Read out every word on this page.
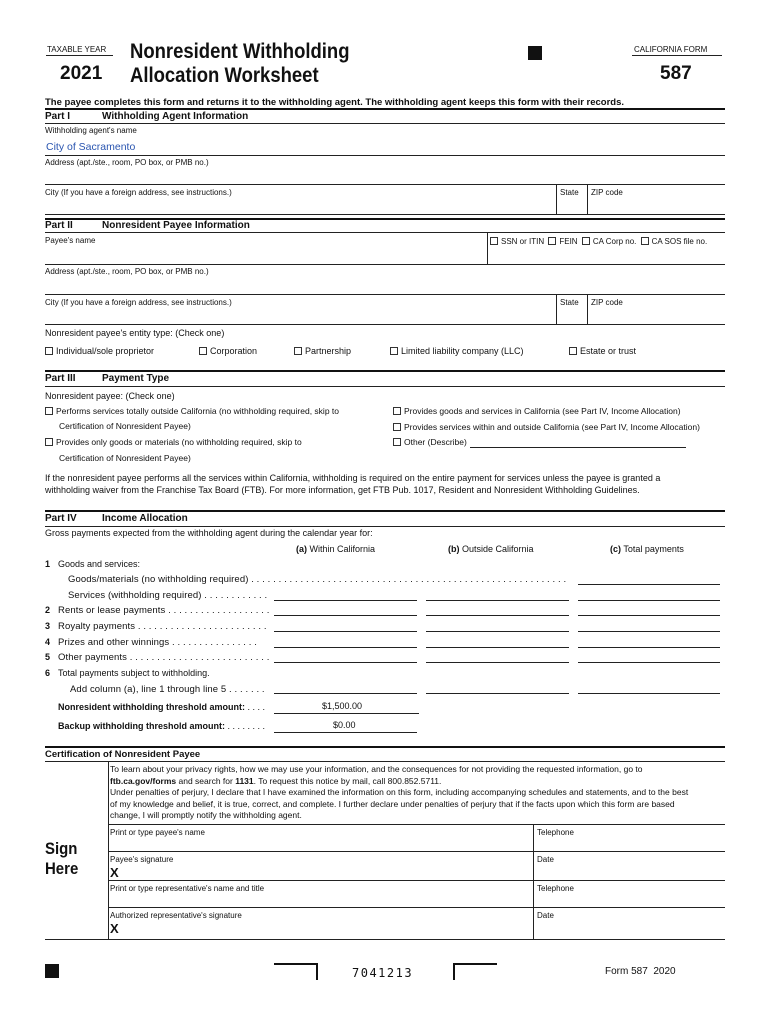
TAXABLE YEAR
2021
Nonresident Withholding
Allocation Worksheet
CALIFORNIA FORM
587
The payee completes this form and returns it to the withholding agent. The withholding agent keeps this form with their records.
Part I	Withholding Agent Information
Withholding agent's name
City of Sacramento
Address (apt./ste., room, PO box, or PMB no.)
City (If you have a foreign address, see instructions.)	State ZIP code
Part II	Nonresident Payee Information
Payee's name	SSN or ITIN FEIN CA Corp no. CA SOS file no.
Address (apt./ste., room, PO box, or PMB no.)
City (If you have a foreign address, see instructions.)	State ZIP code
Nonresident payee's entity type: (Check one)
Individual/sole proprietor	Corporation	Partnership	Limited liability company (LLC)	Estate or trust
Part III	Payment Type
Nonresident payee: (Check one)
Performs services totally outside California (no withholding required, skip to
Certification of Nonresident Payee)
Provides only goods or materials (no withholding required, skip to
Certification of Nonresident Payee)
Provides goods and services in California (see Part IV, Income Allocation)
Provides services within and outside California (see Part IV, Income Allocation)
Other (Describe)
If the nonresident payee performs all the services within California, withholding is required on the entire payment for services unless the payee is granted a
withholding waiver from the Franchise Tax Board (FTB). For more information, get FTB Pub. 1017, Resident and Nonresident Withholding Guidelines.
Part IV	Income Allocation
Gross payments expected from the withholding agent during the calendar year for:
(a) Within California	(b) Outside California	(c) Total payments
1 Goods and services:
Goods/materials (no withholding required) . . . . . . . . . . . . . . . . . . . . . . . . . . . . . . . . . . . . . . . . . . . . . . . . . . . . . . . . . .
Services (withholding required) . . . . . . . . . . . .
2 Rents or lease payments . . . . . . . . . . . . . . . . . . .
3 Royalty payments . . . . . . . . . . . . . . . . . . . . . . . .
4 Prizes and other winnings . . . . . . . . . . . . . . . .
5 Other payments . . . . . . . . . . . . . . . . . . . . . . . . . .
6 Total payments subject to withholding.
Add column (a), line 1 through line 5 . . . . . . .
Nonresident withholding threshold amount: . . . .	$1,500.00
Backup withholding threshold amount: . . . . . . . .	$0.00
Certification of Nonresident Payee
To learn about your privacy rights, how we may use your information, and the consequences for not providing the requested information, go to
ftb.ca.gov/forms and search for 1131. To request this notice by mail, call 800.852.5711.
Under penalties of perjury, I declare that I have examined the information on this form, including accompanying schedules and statements, and to the best
of my knowledge and belief, it is true, correct, and complete. I further declare under penalties of perjury that if the facts upon which this form are based
change, I will promptly notify the withholding agent.
Sign
Here
Print or type payee's name	Telephone
Payee's signature
X
Date
Print or type representative's name and title	Telephone
Authorized representative's signature
X
Date
7041213	Form 587  2020
